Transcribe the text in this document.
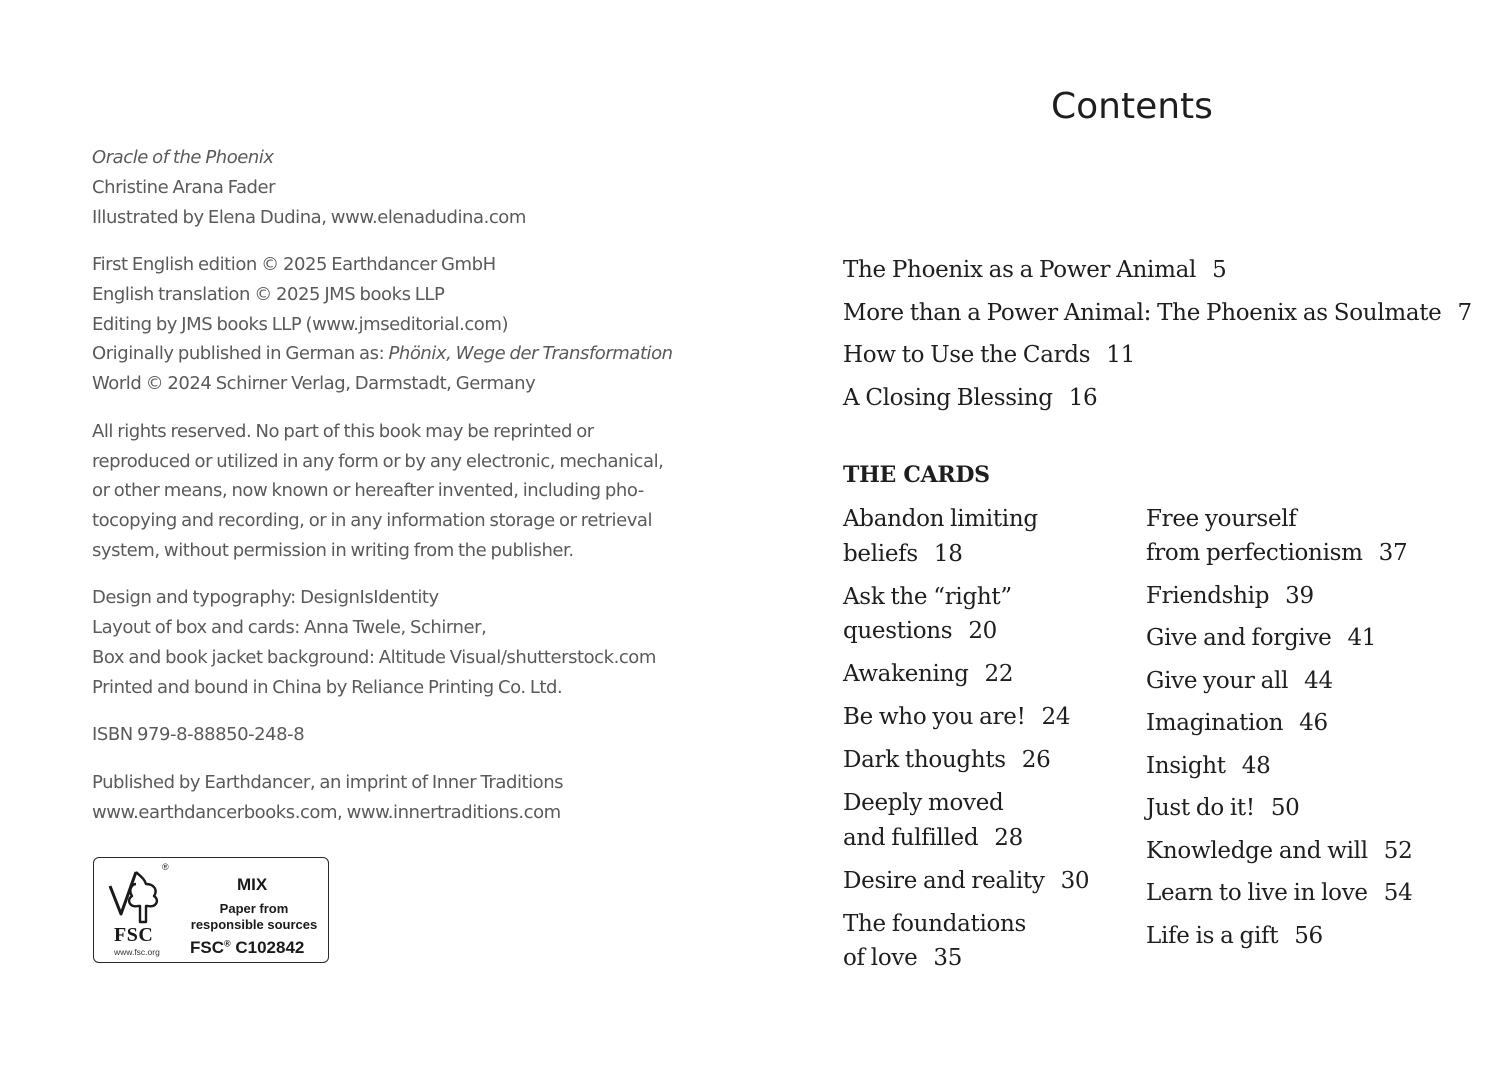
Oracle of the Phoenix
Christine Arana Fader
Illustrated by Elena Dudina, www.elenadudina.com
First English edition © 2025 Earthdancer GmbH
English translation © 2025 JMS books LLP
Editing by JMS books LLP (www.jmseditorial.com)
Originally published in German as: Phönix, Wege der Transformation
World © 2024 Schirner Verlag, Darmstadt, Germany
All rights reserved. No part of this book may be reprinted or
reproduced or utilized in any form or by any electronic, mechanical,
or other means, now known or hereafter invented, including pho-
tocopying and recording, or in any information storage or retrieval
system, without permission in writing from the publisher.
Design and typography: DesignIsIdentity
Layout of box and cards: Anna Twele, Schirner,
Box and book jacket background: Altitude Visual/shutterstock.com
Printed and bound in China by Reliance Printing Co. Ltd.
ISBN 979-8-88850-248-8
Published by Earthdancer, an imprint of Inner Traditions
www.earthdancerbooks.com, www.innertraditions.com
®
FSC
www.fsc.org
MIX
Paper from
responsible sources
FSC® C102842
Contents
The Phoenix as a Power Animal 5
More than a Power Animal: The Phoenix as Soulmate 7
How to Use the Cards 11
A Closing Blessing 16
THE CARDS
Abandon limiting
beliefs 18
Ask the “right”
questions 20
Awakening 22
Be who you are! 24
Dark thoughts 26
Deeply moved
and fulfilled 28
Desire and reality 30
The foundations
of love 35
Free yourself
from perfectionism 37
Friendship 39
Give and forgive 41
Give your all 44
Imagination 46
Insight 48
Just do it! 50
Knowledge and will 52
Learn to live in love 54
Life is a gift 56
